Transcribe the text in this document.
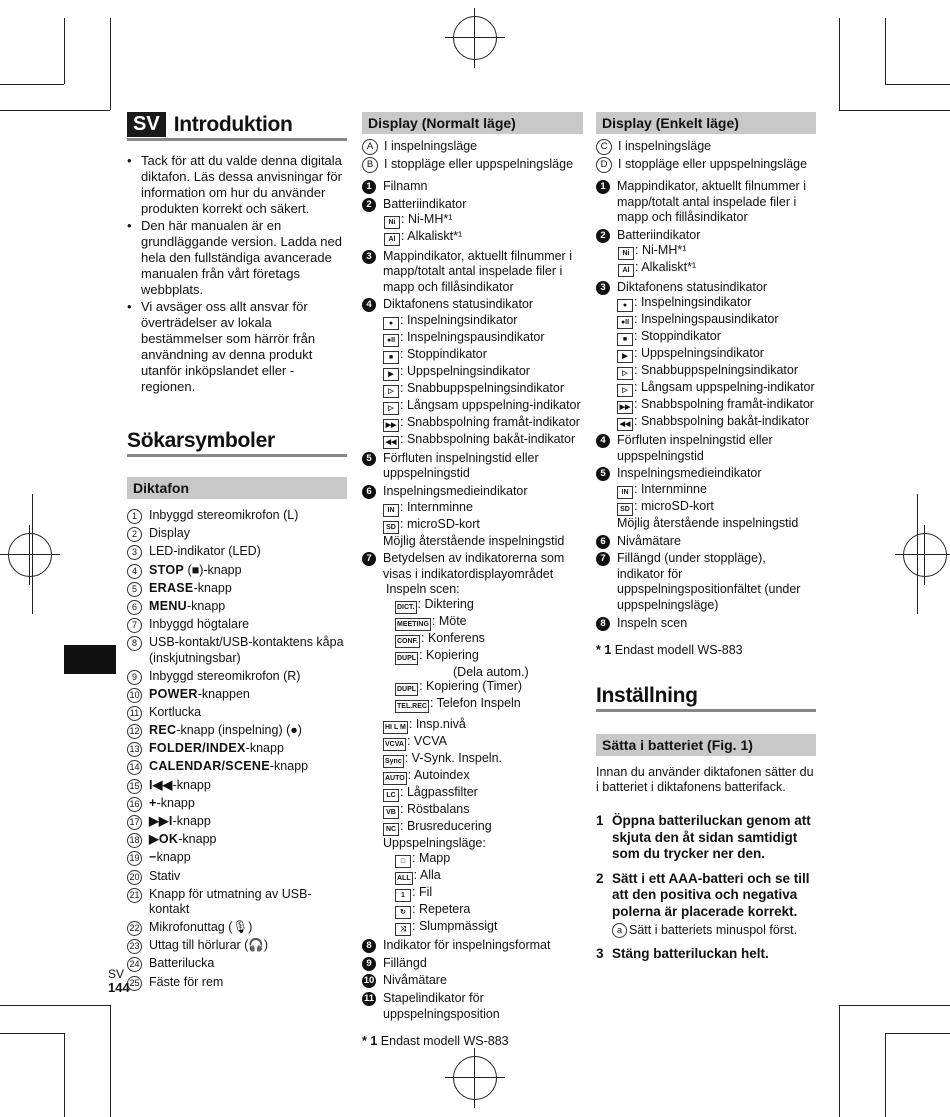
SV Introduktion
• Tack för att du valde denna digitala diktafon. Läs dessa anvisningar för information om hur du använder produkten korrekt och säkert.
• Den här manualen är en grundläggande version. Ladda ned hela den fullständiga avancerade manualen från vårt företags webbplats.
• Vi avsäger oss allt ansvar för överträdelser av lokala bestämmelser som härrör från användning av denna produkt utanför inköpslandet eller -regionen.
Sökarsymboler
Diktafon
1 Inbyggd stereomikrofon (L)
2 Display
3 LED-indikator (LED)
4 STOP (■)-knapp
5 ERASE-knapp
6 MENU-knapp
7 Inbyggd högtalare
8 USB-kontakt/USB-kontaktens kåpa (inskjutningsbar)
9 Inbyggd stereomikrofon (R)
10 POWER-knappen
11 Kortlucka
12 REC-knapp (inspelning) (●)
13 FOLDER/INDEX-knapp
14 CALENDAR/SCENE-knapp
15 I◀◀-knapp
16 +-knapp
17 ▶▶I-knapp
18 ▶OK-knapp
19 −knapp
20 Stativ
21 Knapp för utmatning av USB-kontakt
22 Mikrofonuttag (🎙)
23 Uttag till hörlurar (🎧)
24 Batterilucka
25 Fäste för rem
Display (Normalt läge)
A I inspelningsläge
B I stoppläge eller uppspelningsläge
1 Filnamn
2 Batteriindikator
Ni : Ni-MH*¹
Al : Alkaliskt*¹
3 Mappindikator, aktuellt filnummer i mapp/totalt antal inspelade filer i mapp och fillåsindikator
4 Diktafonens statusindikator
● : Inspelningsindikator
●II : Inspelningspausindikator
■ : Stoppindikator
▶ : Uppspelningsindikator
▷ : Snabbuppspelningsindikator
▷ : Långsam uppspelning-indikator
▶▶ : Snabbspolning framåt-indikator
◀◀ : Snabbspolning bakåt-indikator
5 Förfluten inspelningstid eller uppspelningstid
6 Inspelningsmedieindikator
IN : Internminne
SD : microSD-kort
Möjlig återstående inspelningstid
7 Betydelsen av indikatorerna som visas i indikatordisplayområdet
Inspeln scen:
DICT. : Diktering
MEETING : Möte
CONF. : Konferens
DUPL : Kopiering
(Dela autom.)
DUPL : Kopiering (Timer)
TEL.REC : Telefon Inspeln
HI L M : Insp.nivå
VCVA : VCVA
Sync : V-Synk. Inspeln.
AUTO : Autoindex
LC : Lågpassfilter
VB : Röstbalans
NC : Brusreducering
Uppspelningsläge:
□ : Mapp
ALL : Alla
1 : Fil
↻ : Repetera
⤨ : Slumpmässigt
8 Indikator för inspelningsformat
9 Fillängd
10 Nivåmätare
11 Stapelindikator för uppspelningsposition
* 1 Endast modell WS-883
Display (Enkelt läge)
C I inspelningsläge
D I stoppläge eller uppspelningsläge
1 Mappindikator, aktuellt filnummer i mapp/totalt antal inspelade filer i mapp och fillåsindikator
2 Batteriindikator
Ni : Ni-MH*¹
Al : Alkaliskt*¹
3 Diktafonens statusindikator
● : Inspelningsindikator
●II : Inspelningspausindikator
■ : Stoppindikator
▶ : Uppspelningsindikator
▷ : Snabbuppspelningsindikator
▷ : Långsam uppspelning-indikator
▶▶ : Snabbspolning framåt-indikator
◀◀ : Snabbspolning bakåt-indikator
4 Förfluten inspelningstid eller uppspelningstid
5 Inspelningsmedieindikator
IN : Internminne
SD : microSD-kort
Möjlig återstående inspelningstid
6 Nivåmätare
7 Fillängd (under stoppläge), indikator för uppspelningspositionfältet (under uppspelningsläge)
8 Inspeln scen
* 1 Endast modell WS-883
Inställning
Sätta i batteriet (Fig. 1)
Innan du använder diktafonen sätter du i batteriet i diktafonens batterifack.
1 Öppna batteriluckan genom att skjuta den åt sidan samtidigt som du trycker ner den.
2 Sätt i ett AAA-batteri och se till att den positiva och negativa polerna är placerade korrekt.
a Sätt i batteriets minuspol först.
3 Stäng batteriluckan helt.
SV
144
